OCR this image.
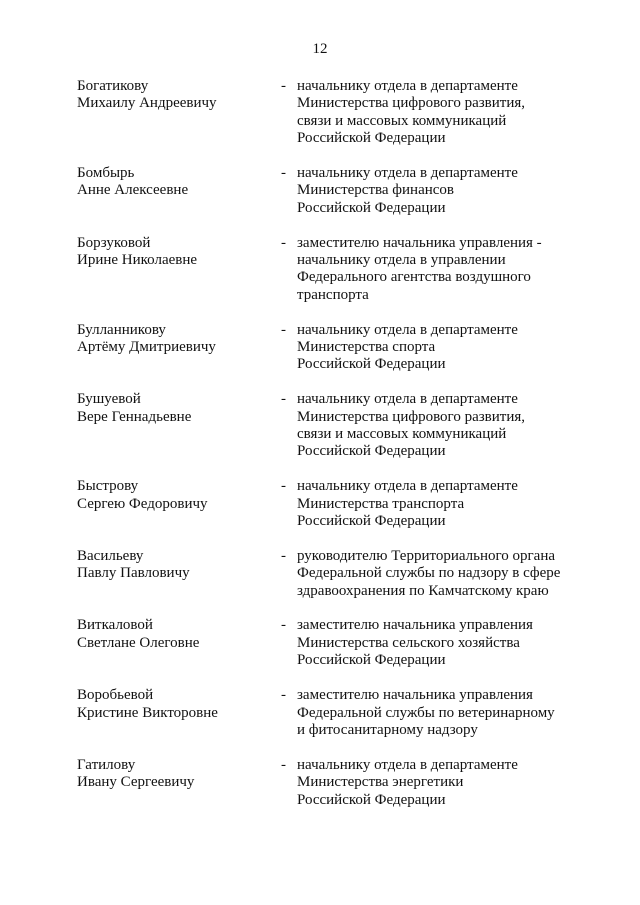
12
Богатикову
Михаилу Андреевичу
- начальнику отдела в департаменте
Министерства цифрового развития,
связи и массовых коммуникаций
Российской Федерации
Бомбырь
Анне Алексеевне
- начальнику отдела в департаменте
Министерства финансов
Российской Федерации
Борзуковой
Ирине Николаевне
- заместителю начальника управления -
начальнику отдела в управлении
Федерального агентства воздушного
транспорта
Булланникову
Артёму Дмитриевичу
- начальнику отдела в департаменте
Министерства спорта
Российской Федерации
Бушуевой
Вере Геннадьевне
- начальнику отдела в департаменте
Министерства цифрового развития,
связи и массовых коммуникаций
Российской Федерации
Быстрову
Сергею Федоровичу
- начальнику отдела в департаменте
Министерства транспорта
Российской Федерации
Васильеву
Павлу Павловичу
- руководителю Территориального органа
Федеральной службы по надзору в сфере
здравоохранения по Камчатскому краю
Виткаловой
Светлане Олеговне
- заместителю начальника управления
Министерства сельского хозяйства
Российской Федерации
Воробьевой
Кристине Викторовне
- заместителю начальника управления
Федеральной службы по ветеринарному
и фитосанитарному надзору
Гатилову
Ивану Сергеевичу
- начальнику отдела в департаменте
Министерства энергетики
Российской Федерации
